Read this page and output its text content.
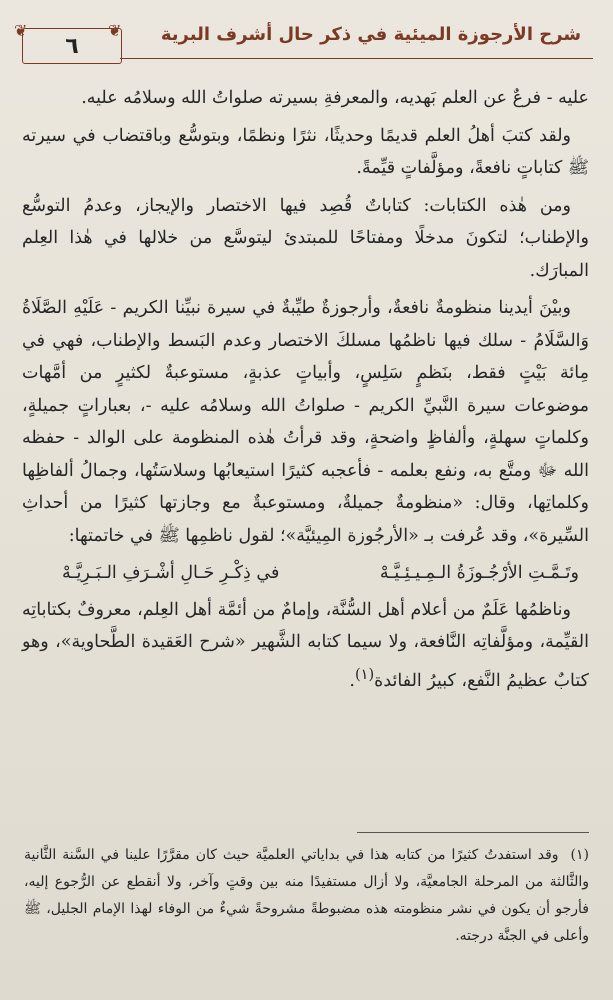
شرح الأرجوزة الميئية في ذكر حال أشرف البرية
٦
❦	❦

عليه - فرعٌ عن العلم بَهديه، والمعرفةِ بسيرته صلواتُ الله وسلامُه عليه.

ولقد كتبَ أهلُ العلم قديمًا وحديثًا، نثرًا ونظمًا، وبتوسُّع وباقتضاب في سيرته ﷺ كتاباتٍ نافعةً، ومؤلَّفاتٍ قيِّمةً.

ومن هٰذه الكتابات: كتاباتٌ قُصِد فيها الاختصار والإيجاز، وعدمُ التوسُّع والإطناب؛ لتكونَ مدخلًا ومفتاحًا للمبتدئ ليتوسَّع من خلالها في هٰذا العِلم المبارَك.

وبيْنَ أيدينا منظومةٌ نافعةٌ، وأرجوزةٌ طيِّبةٌ في سيرة نبيِّنا الكريم - عَلَيْهِ الصَّلَاةُ وَالسَّلَامُ - سلك فيها ناظمُها مسلكَ الاختصار وعدم البَسط والإطناب، فهي في مِائة بَيْتٍ فقط، بنَظمٍ سَلِسٍ، وأبياتٍ عذبةٍ، مستوعبةٌ لكثيرٍ من أمَّهات موضوعات سيرة النَّبيِّ الكريم - صلواتُ الله وسلامُه عليه -، بعباراتٍ جميلةٍ، وكلماتٍ سهلةٍ، وألفاظٍ واضحةٍ، وقد قرأتُ هٰذه المنظومة على الوالد - حفظه الله ﷻ ومتَّع به، ونفع بعلمه - فأعجبه كثيرًا استيعابُها وسلاسَتُها، وجمالُ ألفاظِها وكلماتِها، وقال: «منظومةٌ جميلةٌ، ومستوعبةٌ مع وجازتها كثيرًا من أحداثِ السِّيرة»، وقد عُرفت بـ «الأرجُوزة المِيئيَّة»؛ لقول ناظمِها ﷺ في خاتمتها:

وتَـمَّـتِ الأرْجُـوزَةُ الـمِـيـئِـيَّـهْ
في ذِكْـرِ حَـالِ أشْـرَفِ الـبَـرِيَّـهْ

وناظمُها عَلَمٌ من أعلام أهل السُّنَّة، وإمامٌ من أئمَّة أهل العِلم، معروفٌ بكتاباتِه القيِّمة، ومؤلَّفاتِه النَّافعة، ولا سيما كتابه الشَّهير «شرح العَقيدة الطَّحاوية»، وهو كتابٌ عظيمُ النَّفع، كبيرُ الفائدة$^{(١)}$.

(١)
وقد استفدتُ كثيرًا من كتابه هذا في بداياتي العلميَّة حيث كان مقرَّرًا علينا في السَّنة الثَّانية والثَّالثة من المرحلة الجامعيَّة، ولا أزال مستفيدًا منه بين وقتٍ وآخر، ولا أنقطع عن الرُّجوع إليه، فأرجو أن يكون في نشر منظومته هذه مضبوطةً مشروحةً شيءٌ من الوفاء لهذا الإمام الجليل، ﷺ وأعلى في الجنَّة درجته.
